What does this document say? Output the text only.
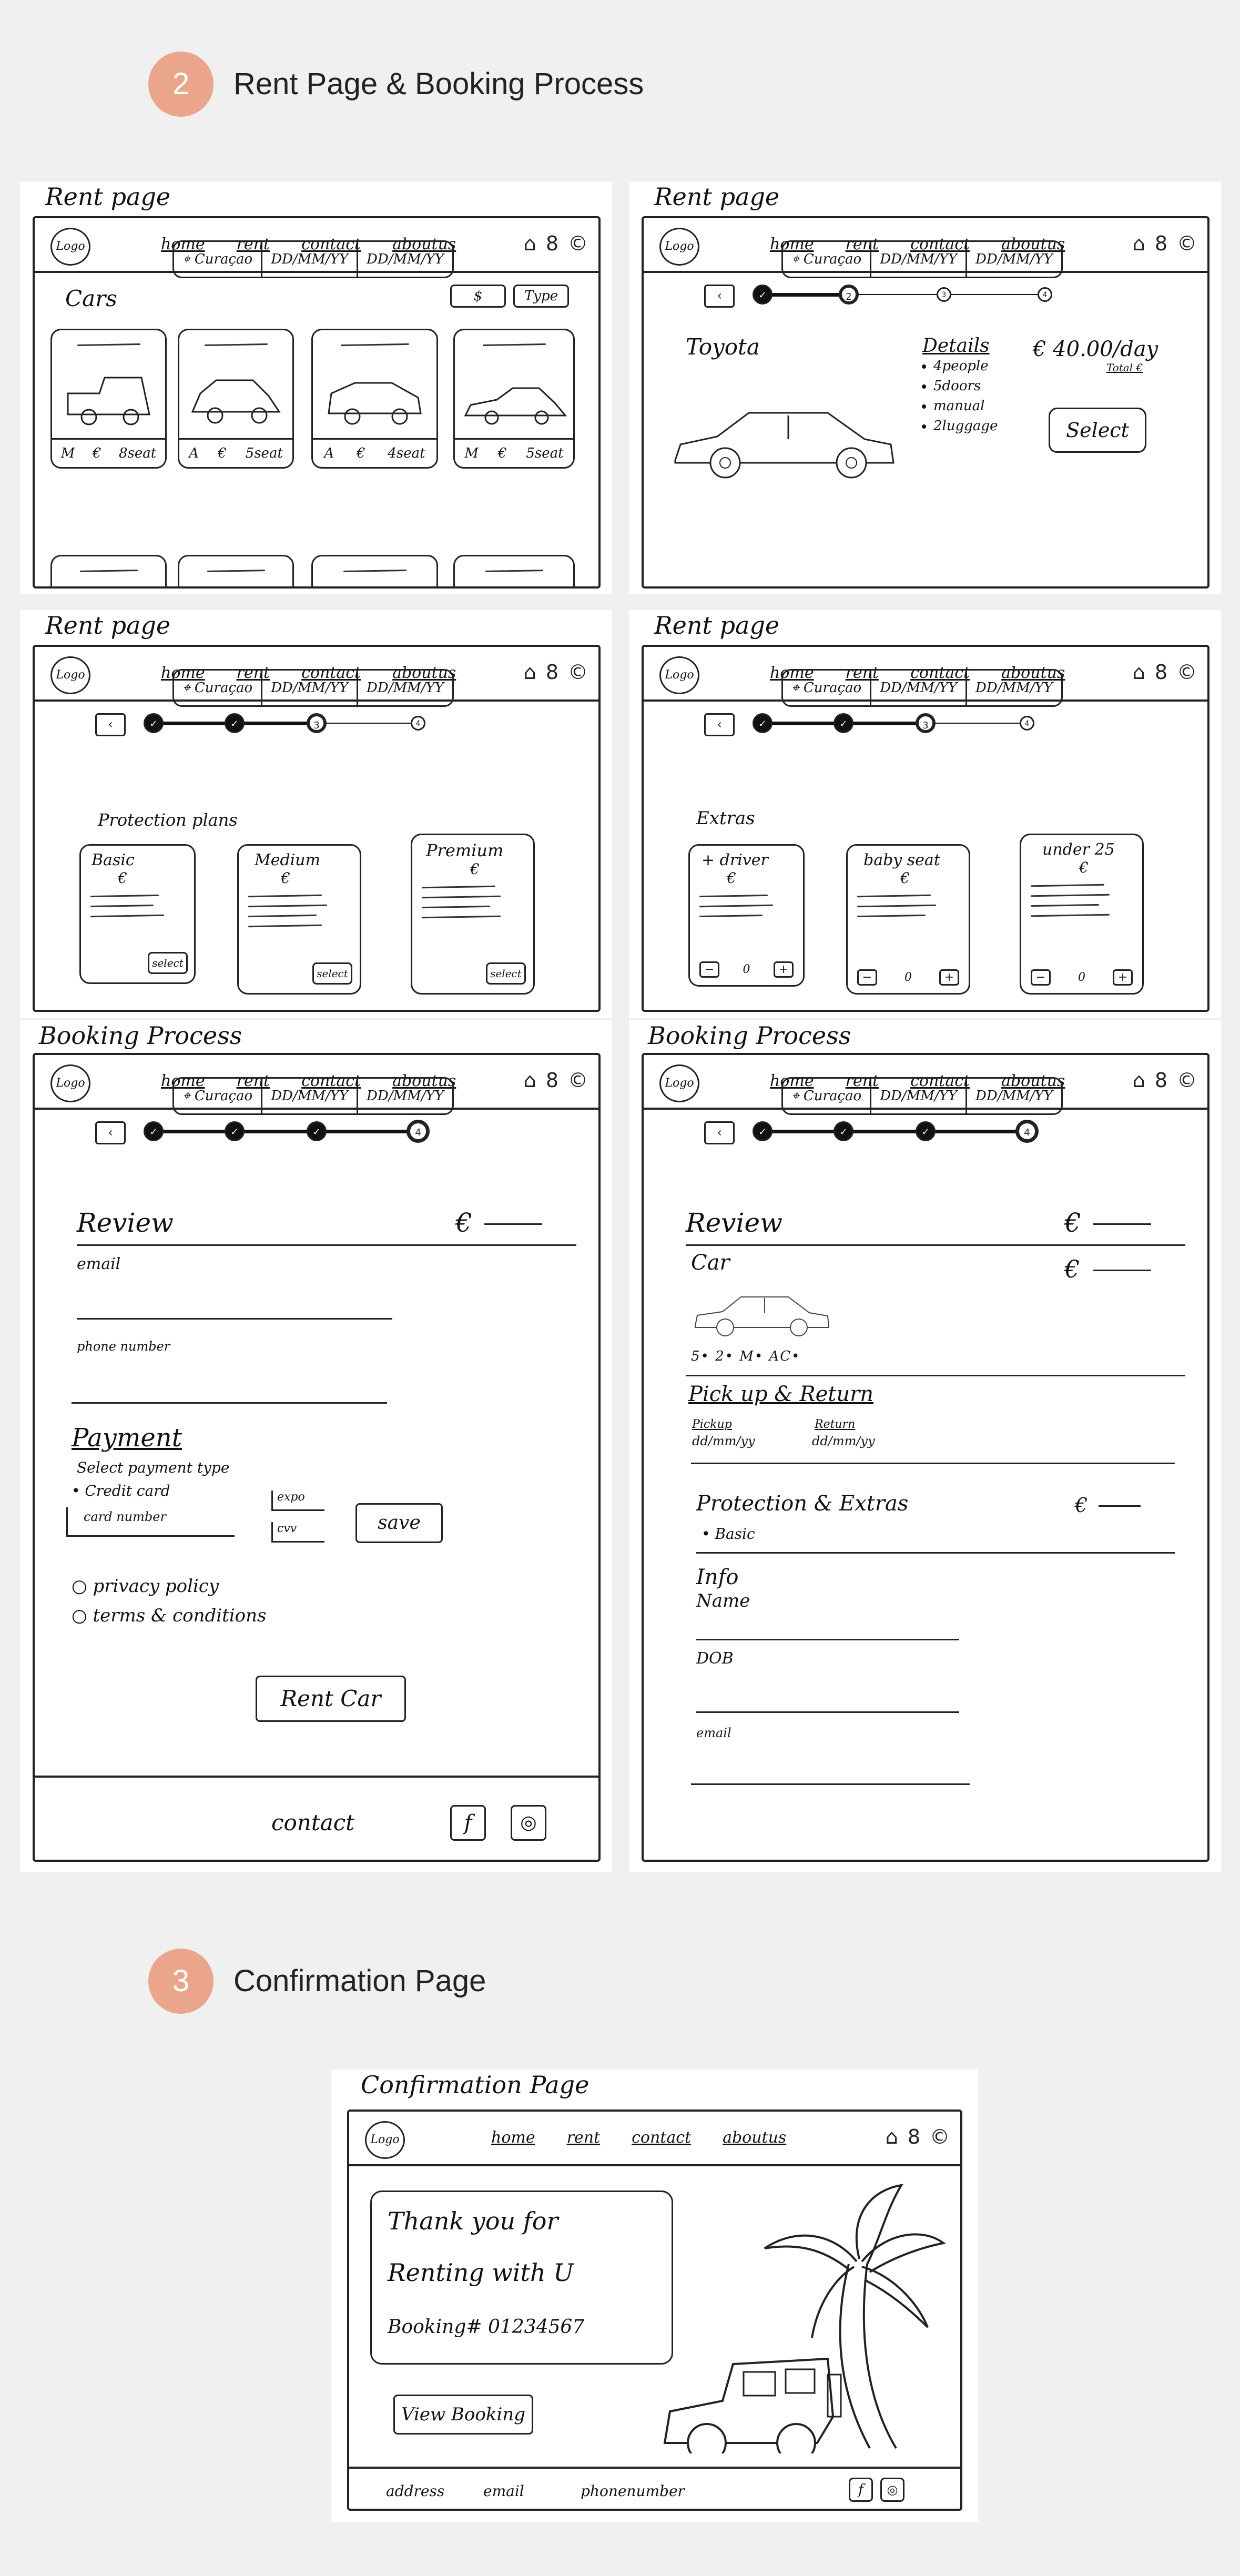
2	Rent Page & Booking Process
Rent page
Logo	home rent contact aboutus	⌂ 8 ©
⌖ Curaçao	DD/MM/YY	DD/MM/YY
Cars	$	Type
M € 8seat A € 5seat	A € 4seat	M € 5seat
Rent page
Logo	home rent contact aboutus	⌂ 8 ©
⌖ Curaçao	DD/MM/YY	DD/MM/YY
‹	✓	2	3	4
Toyota	Details
• 4people
• 5doors
• manual
• 2luggage
€ 40.00/day
Total €
Select
Rent page
Logo	home rent contact aboutus	⌂ 8 ©
⌖ Curaçao	DD/MM/YY	DD/MM/YY
‹	✓	✓	3	4
Protection plans
Basic
€
select
Medium
€
select
Premium
€
select
Rent page
Logo	home rent contact aboutus	⌂ 8 ©
⌖ Curaçao	DD/MM/YY	DD/MM/YY
‹	✓	✓	3	4
Extras
+ driver
€
−	0	+
baby seat
€
−	0	+
under 25
€
−	0	+
Booking Process
Logo	home rent contact aboutus	⌂ 8 ©
⌖ Curaçao	DD/MM/YY	DD/MM/YY
‹	✓	✓	✓	4
Review	€
email
phone number
Payment
Select payment type
• Credit card
card number
expo
cvv	save
○ privacy policy
○ terms & conditions
Rent Car
contact	f	◎
Booking Process
Logo	home rent contact aboutus	⌂ 8 ©
⌖ Curaçao	DD/MM/YY	DD/MM/YY
‹	✓	✓	✓	4
Review	€
Car	€
5• 2• M• AC•
Pick up & Return
Pickup
dd/mm/yy
Return
dd/mm/yy
Protection & Extras	€
• Basic
Info
Name
DOB
email
3	Confirmation Page
Confirmation Page
Logo	home rent contact aboutus	⌂ 8 ©
Thank you for
Renting with U
Booking# 01234567
View Booking
address	email	phonenumber	f	◎
